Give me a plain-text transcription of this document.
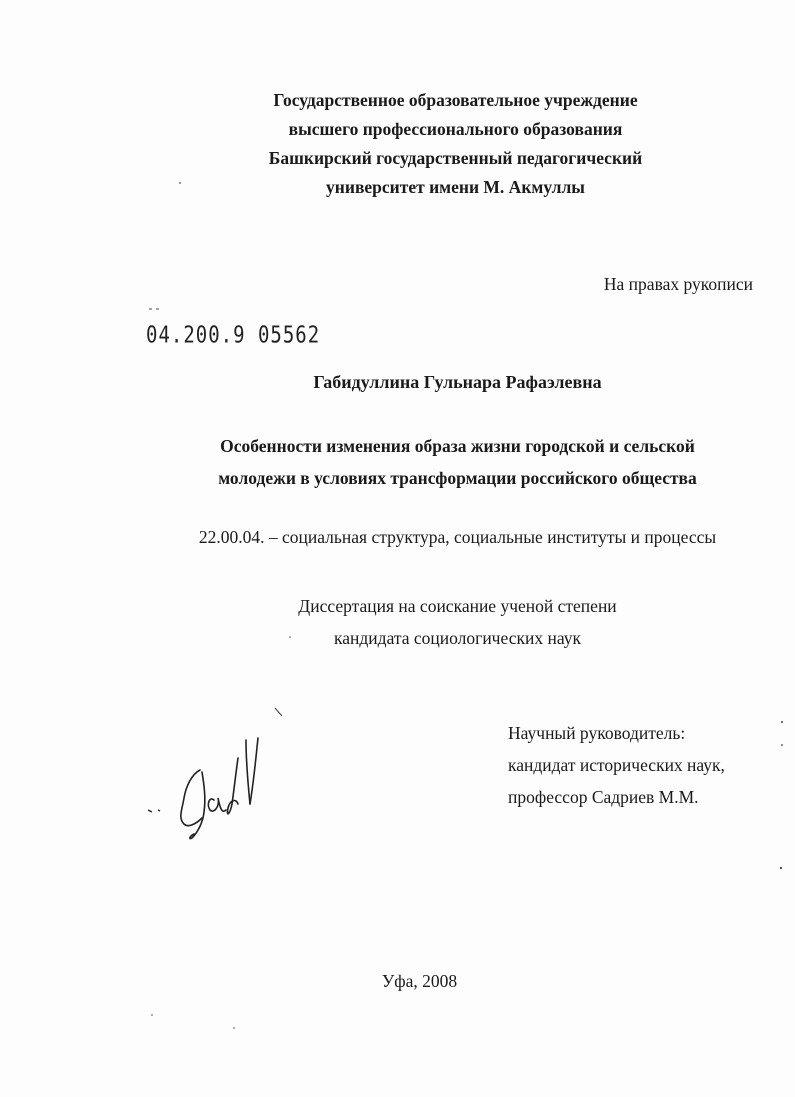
Государственное образовательное учреждение
высшего профессионального образования
Башкирский государственный педагогический
университет имени М. Акмуллы
На правах рукописи
04.200.9 05562
Габидуллина Гульнара Рафаэлевна
Особенности изменения образа жизни городской и сельской
молодежи в условиях трансформации российского общества
22.00.04. – социальная структура, социальные институты и процессы
Диссертация на соискание ученой степени
кандидата социологических наук
Научный руководитель:
кандидат исторических наук,
профессор Садриев М.М.
Уфа, 2008
